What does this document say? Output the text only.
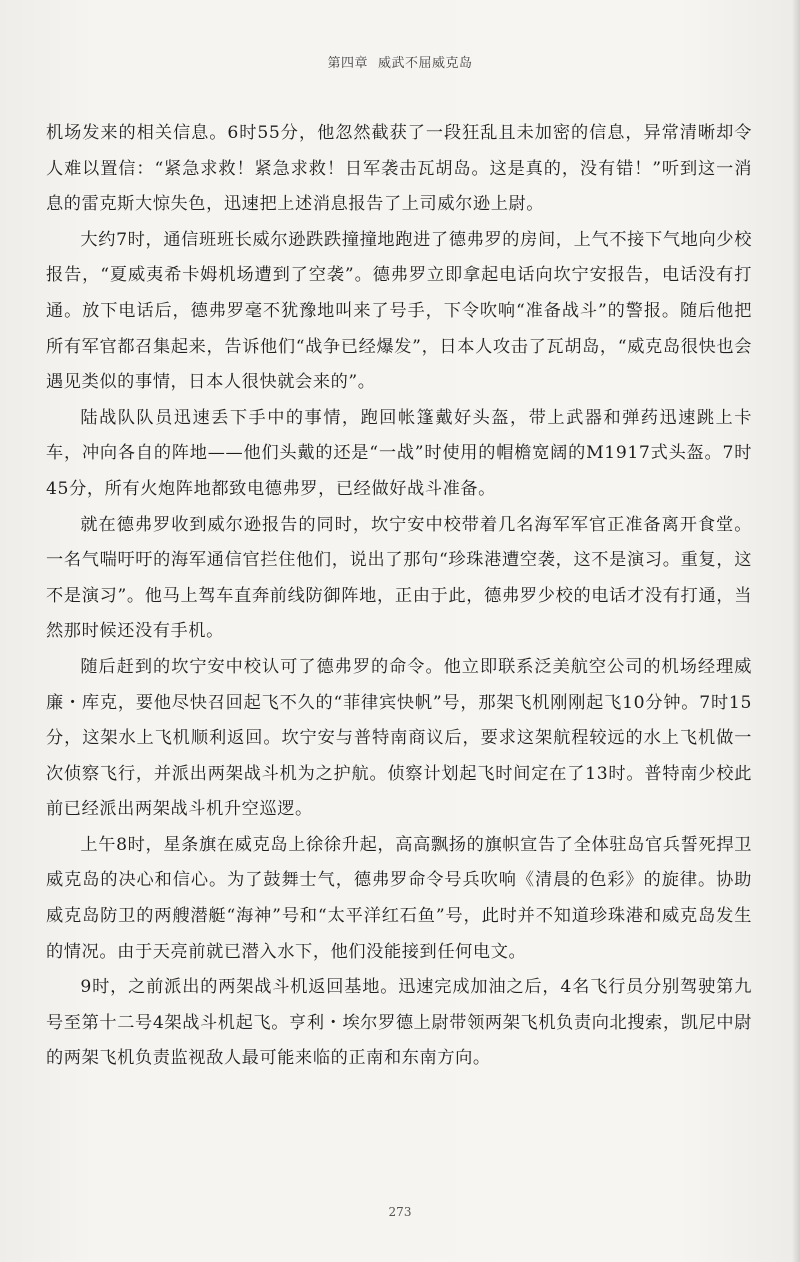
第四章 威武不屈威克岛

机场发来的相关信息。6时55分，他忽然截获了一段狂乱且未加密的信息，异常清晰却令人难以置信：“紧急求救！紧急求救！日军袭击瓦胡岛。这是真的，没有错！”听到这一消息的雷克斯大惊失色，迅速把上述消息报告了上司威尔逊上尉。

大约7时，通信班班长威尔逊跌跌撞撞地跑进了德弗罗的房间，上气不接下气地向少校报告，“夏威夷希卡姆机场遭到了空袭”。德弗罗立即拿起电话向坎宁安报告，电话没有打通。放下电话后，德弗罗毫不犹豫地叫来了号手，下令吹响“准备战斗”的警报。随后他把所有军官都召集起来，告诉他们“战争已经爆发”，日本人攻击了瓦胡岛，“威克岛很快也会遇见类似的事情，日本人很快就会来的”。

陆战队队员迅速丢下手中的事情，跑回帐篷戴好头盔，带上武器和弹药迅速跳上卡车，冲向各自的阵地——他们头戴的还是“一战”时使用的帽檐宽阔的M1917式头盔。7时45分，所有火炮阵地都致电德弗罗，已经做好战斗准备。

就在德弗罗收到威尔逊报告的同时，坎宁安中校带着几名海军军官正准备离开食堂。一名气喘吁吁的海军通信官拦住他们，说出了那句“珍珠港遭空袭，这不是演习。重复，这不是演习”。他马上驾车直奔前线防御阵地，正由于此，德弗罗少校的电话才没有打通，当然那时候还没有手机。

随后赶到的坎宁安中校认可了德弗罗的命令。他立即联系泛美航空公司的机场经理威廉・库克，要他尽快召回起飞不久的“菲律宾快帆”号，那架飞机刚刚起飞10分钟。7时15分，这架水上飞机顺利返回。坎宁安与普特南商议后，要求这架航程较远的水上飞机做一次侦察飞行，并派出两架战斗机为之护航。侦察计划起飞时间定在了13时。普特南少校此前已经派出两架战斗机升空巡逻。

上午8时，星条旗在威克岛上徐徐升起，高高飘扬的旗帜宣告了全体驻岛官兵誓死捍卫威克岛的决心和信心。为了鼓舞士气，德弗罗命令号兵吹响《清晨的色彩》的旋律。协助威克岛防卫的两艘潜艇“海神”号和“太平洋红石鱼”号，此时并不知道珍珠港和威克岛发生的情况。由于天亮前就已潜入水下，他们没能接到任何电文。

9时，之前派出的两架战斗机返回基地。迅速完成加油之后，4名飞行员分别驾驶第九号至第十二号4架战斗机起飞。亨利・埃尔罗德上尉带领两架飞机负责向北搜索，凯尼中尉的两架飞机负责监视敌人最可能来临的正南和东南方向。

273
